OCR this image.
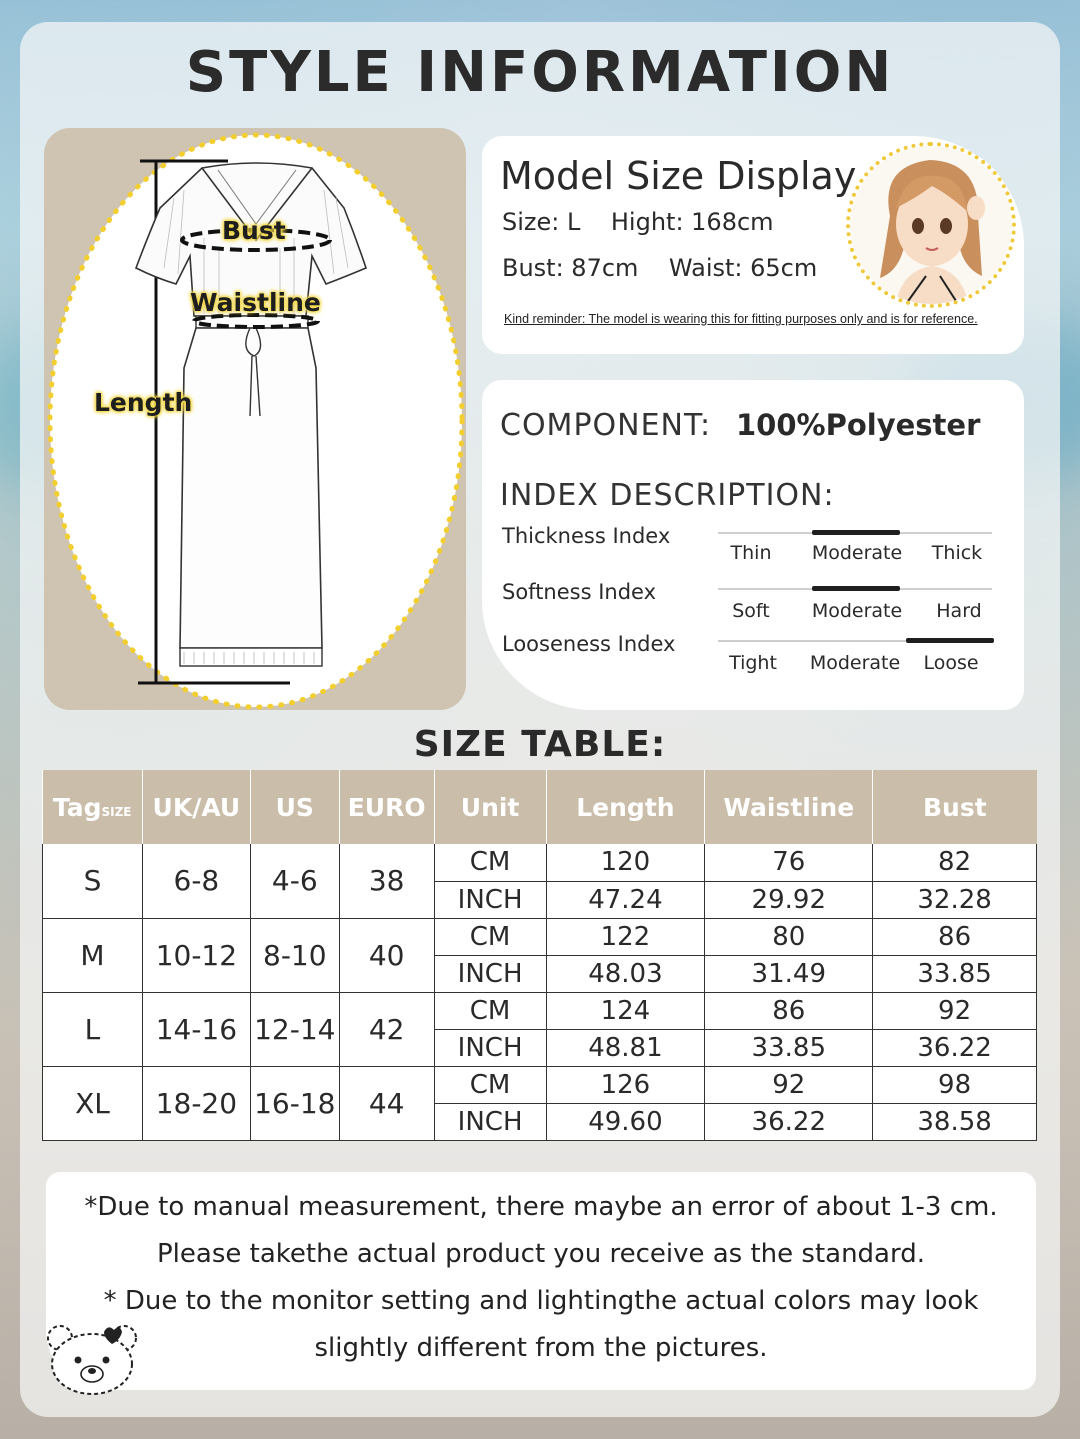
STYLE INFORMATION
Bust
Waistline
Length
Model Size Display
Size: L    Hight: 168cm
Bust: 87cm    Waist: 65cm
Kind reminder: The model is wearing this for fitting purposes only and is for reference.
COMPONENT: 100%Polyester
INDEX DESCRIPTION:
Thickness Index
Thin	Moderate	Thick
Softness Index
Soft	Moderate	Hard
Looseness Index
Tight	Moderate	Loose
SIZE TABLE:
TagSIZE	UK/AU	US	EURO	Unit	Length	Waistline	Bust
S	6-8	4-6	38	CM	120	76	82
				INCH	47.24	29.92	32.28
M	10-12	8-10	40	CM	122	80	86
				INCH	48.03	31.49	33.85
L	14-16	12-14	42	CM	124	86	92
				INCH	48.81	33.85	36.22
XL	18-20	16-18	44	CM	126	92	98
				INCH	49.60	36.22	38.58
*Due to manual measurement, there maybe an error of about 1-3 cm.
Please takethe actual product you receive as the standard.
* Due to the monitor setting and lightingthe actual colors may look
slightly different from the pictures.
